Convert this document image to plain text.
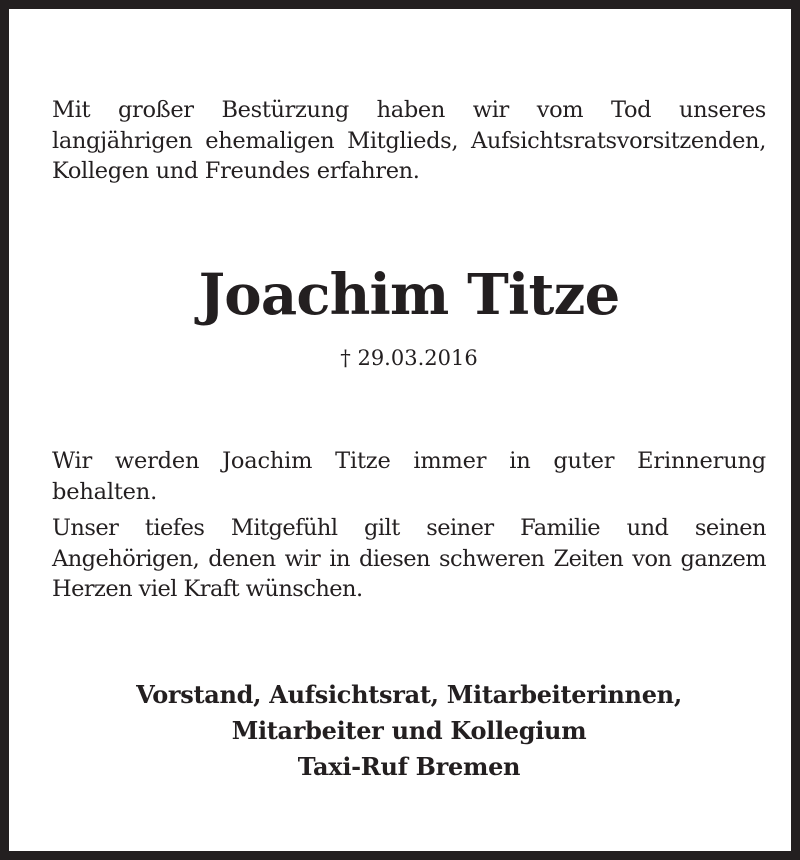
Mit großer Bestürzung haben wir vom Tod unseres langjährigen ehemaligen Mitglieds, Aufsichtsratsvorsitzenden, Kollegen und Freundes erfahren.

Joachim Titze

† 29.03.2016

Wir werden Joachim Titze immer in guter Erinnerung behalten.

Unser tiefes Mitgefühl gilt seiner Familie und seinen Angehörigen, denen wir in diesen schweren Zeiten von ganzem Herzen viel Kraft wünschen.

Vorstand, Aufsichtsrat, Mitarbeiterinnen,
Mitarbeiter und Kollegium
Taxi-Ruf Bremen
